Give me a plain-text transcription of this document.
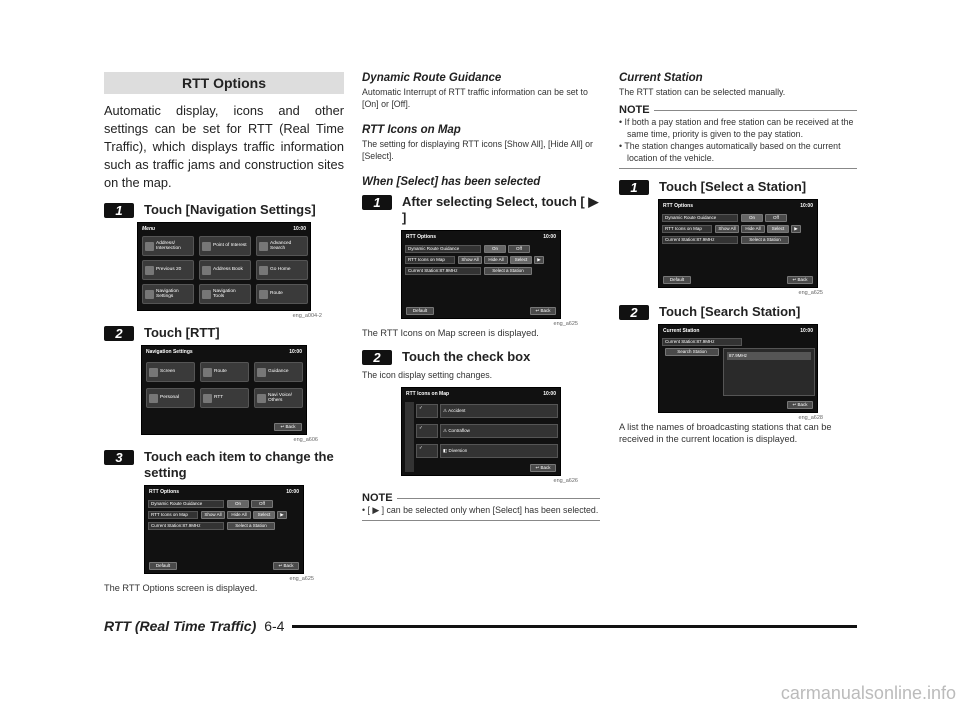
RTT Options
Automatic display, icons and other settings can be set for RTT (Real Time Traffic), which displays traffic information such as traffic jams and construction sites on the map.
1	Touch [Navigation Settings]
Menu	10:00
Address/ Intersection
Point of Interest
Advanced Search
Previous 20	Address Book	Go Home
Navigation Settings
Navigation Tools
Route
eng_a004-2
2	Touch [RTT]
Navigation Settings	10:00
Screen	Route	Guidance
Personal	RTT
Navi Voice/ Others
↩ Back
eng_a606
3	Touch each item to change the setting
RTT Options	10:00
Dynamic Route Guidance	On	Off
RTT Icons on Map	Show All	Hide All	Select	▶
Current Station:87.9MHz	Select a Station
Default	↩ Back
eng_a625
The RTT Options screen is displayed.
Dynamic Route Guidance
Automatic Interrupt of RTT traffic information can be set to [On] or [Off].
RTT Icons on Map
The setting for displaying RTT icons [Show All], [Hide All] or [Select].
When [Select] has been selected
1	After selecting Select, touch [ ▶ ]
RTT Options	10:00
Dynamic Route Guidance	On	Off
RTT Icons on Map	Show All	Hide All	Select	▶
Current Station:87.9MHz	Select a Station
Default	↩ Back
eng_a625
The RTT Icons on Map screen is displayed.
2	Touch the check box
The icon display setting changes.
RTT Icons on Map	10:00
✓
⚠ Accident
✓
⚠ Contraflow
✓
◧ Diversion
↩ Back
eng_a626
NOTE
• [ ▶ ] can be selected only when [Select] has been selected.
Current Station
The RTT station can be selected manually.
NOTE
• If both a pay station and free station can be received at the same time, priority is given to the pay station.
• The station changes automatically based on the current location of the vehicle.
1	Touch [Select a Station]
RTT Options	10:00
Dynamic Route Guidance	On	Off
RTT Icons on Map	Show All	Hide All	Select	▶
Current Station:87.9MHz	Select a Station
Default	↩ Back
eng_a625
2	Touch [Search Station]
Current Station	10:00
Current Station:87.9MHz
Search Station
87.9MHz
↩ Back
eng_a628
A list the names of broadcasting stations that can be received in the current location is displayed.
RTT (Real Time Traffic) 6-4
carmanualsonline.info
